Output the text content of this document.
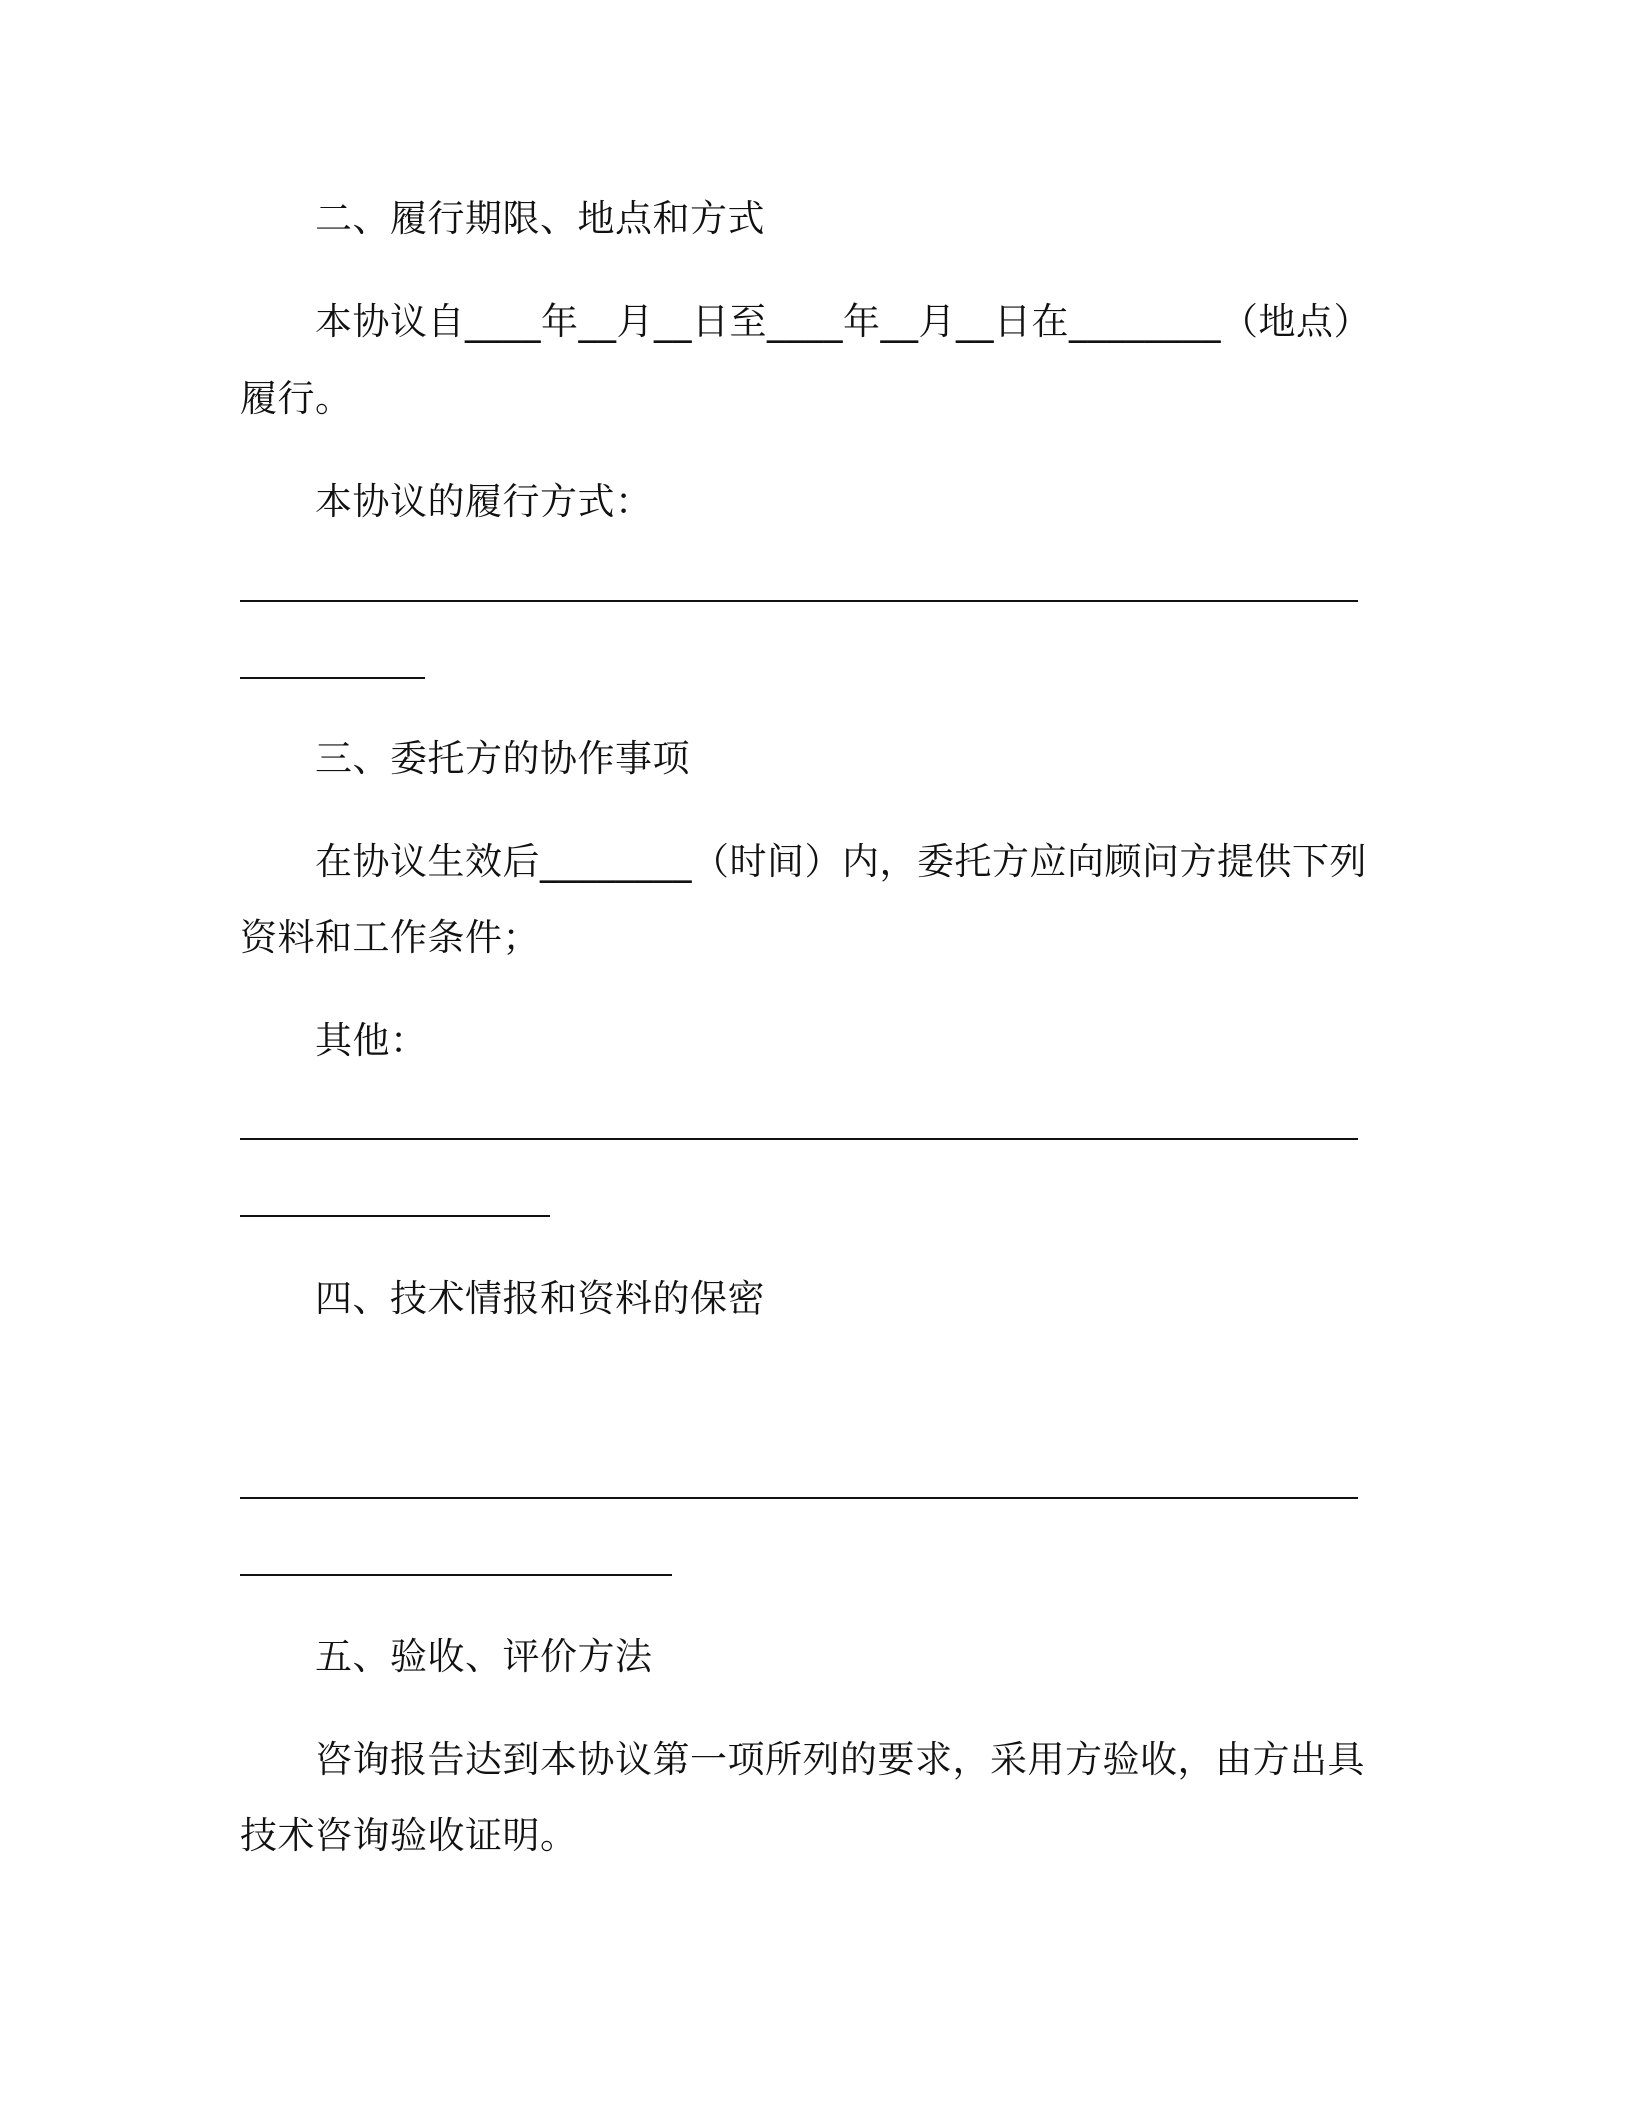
二、履行期限、地点和方式
本协议自____年__月__日至____年__月__日在________（地点）
履行。
本协议的履行方式：
三、委托方的协作事项
在协议生效后________（时间）内，委托方应向顾问方提供下列
资料和工作条件；
其他：
四、技术情报和资料的保密
五、验收、评价方法
咨询报告达到本协议第一项所列的要求，采用方验收，由方出具
技术咨询验收证明。
